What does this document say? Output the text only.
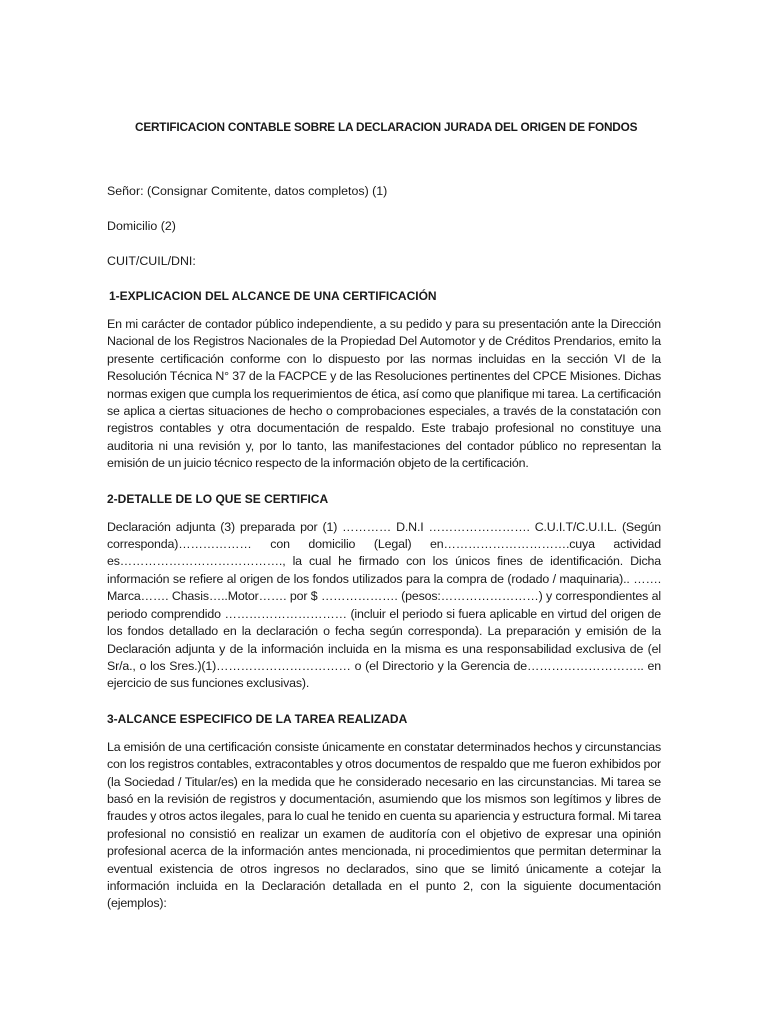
CERTIFICACION CONTABLE SOBRE LA DECLARACION JURADA DEL ORIGEN DE FONDOS
Señor: (Consignar Comitente, datos completos) (1)
Domicilio (2)
CUIT/CUIL/DNI:
1-EXPLICACION DEL ALCANCE DE UNA CERTIFICACIÓN

En mi carácter de contador público independiente, a su pedido y para su presentación ante la Dirección Nacional de los Registros Nacionales de la Propiedad Del Automotor y de Créditos Prendarios, emito la presente certificación conforme con lo dispuesto por las normas incluidas en la sección VI de la Resolución Técnica N° 37 de la FACPCE y de las Resoluciones pertinentes del CPCE Misiones. Dichas normas exigen que cumpla los requerimientos de ética, así como que planifique mi tarea. La certificación se aplica a ciertas situaciones de hecho o comprobaciones especiales, a través de la constatación con registros contables y otra documentación de respaldo. Este trabajo profesional no constituye una auditoria ni una revisión y, por lo tanto, las manifestaciones del contador público no representan la emisión de un juicio técnico respecto de la información objeto de la certificación.

2-DETALLE DE LO QUE SE CERTIFICA

Declaración adjunta (3) preparada por (1) ………… D.N.I ……………………. C.U.I.T/C.U.I.L. (Según corresponda)……………… con domicilio (Legal) en………………………….cuya actividad es…………………………………., la cual he firmado con los únicos fines de identificación. Dicha información se refiere al origen de los fondos utilizados para la compra de (rodado / maquinaria).. ……. Marca……. Chasis…..Motor……. por $ ………………. (pesos:……………………) y correspondientes al periodo comprendido ………………………… (incluir el periodo si fuera aplicable en virtud del origen de los fondos detallado en la declaración o fecha según corresponda). La preparación y emisión de la Declaración adjunta y de la información incluida en la misma es una responsabilidad exclusiva de (el Sr/a., o los Sres.)(1)…………………………… o (el Directorio y la Gerencia de……………………….. en ejercicio de sus funciones exclusivas).

3-ALCANCE ESPECIFICO DE LA TAREA REALIZADA

La emisión de una certificación consiste únicamente en constatar determinados hechos y circunstancias con los registros contables, extracontables y otros documentos de respaldo que me fueron exhibidos por (la Sociedad / Titular/es) en la medida que he considerado necesario en las circunstancias. Mi tarea se basó en la revisión de registros y documentación, asumiendo que los mismos son legítimos y libres de fraudes y otros actos ilegales, para lo cual he tenido en cuenta su apariencia y estructura formal. Mi tarea profesional no consistió en realizar un examen de auditoría con el objetivo de expresar una opinión profesional acerca de la información antes mencionada, ni procedimientos que permitan determinar la eventual existencia de otros ingresos no declarados, sino que se limitó únicamente a cotejar la información incluida en la Declaración detallada en el punto 2, con la siguiente documentación (ejemplos):
